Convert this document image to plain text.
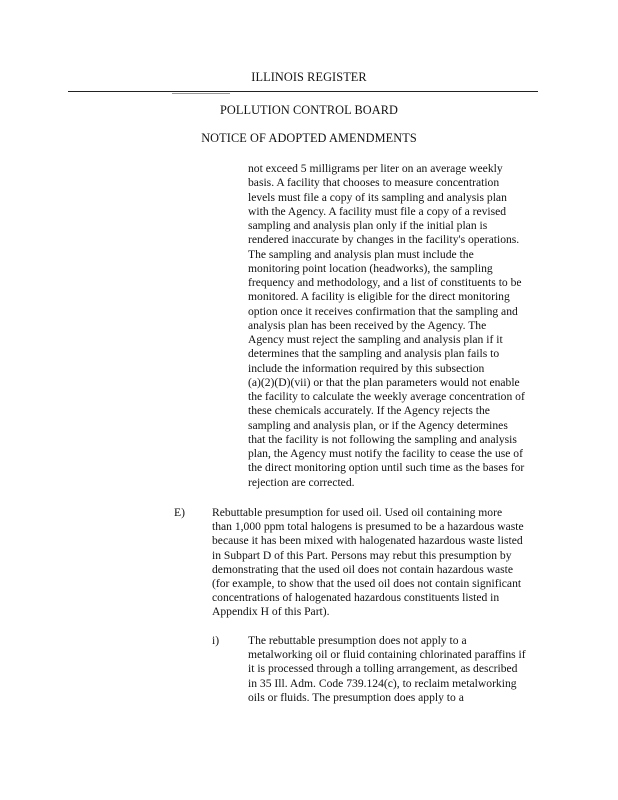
ILLINOIS REGISTER
POLLUTION CONTROL BOARD
NOTICE OF ADOPTED AMENDMENTS
not exceed 5 milligrams per liter on an average weekly
basis. A facility that chooses to measure concentration
levels must file a copy of its sampling and analysis plan
with the Agency. A facility must file a copy of a revised
sampling and analysis plan only if the initial plan is
rendered inaccurate by changes in the facility's operations.
The sampling and analysis plan must include the
monitoring point location (headworks), the sampling
frequency and methodology, and a list of constituents to be
monitored. A facility is eligible for the direct monitoring
option once it receives confirmation that the sampling and
analysis plan has been received by the Agency. The
Agency must reject the sampling and analysis plan if it
determines that the sampling and analysis plan fails to
include the information required by this subsection
(a)(2)(D)(vii) or that the plan parameters would not enable
the facility to calculate the weekly average concentration of
these chemicals accurately. If the Agency rejects the
sampling and analysis plan, or if the Agency determines
that the facility is not following the sampling and analysis
plan, the Agency must notify the facility to cease the use of
the direct monitoring option until such time as the bases for
rejection are corrected.
E) Rebuttable presumption for used oil. Used oil containing more
than 1,000 ppm total halogens is presumed to be a hazardous waste
because it has been mixed with halogenated hazardous waste listed
in Subpart D of this Part. Persons may rebut this presumption by
demonstrating that the used oil does not contain hazardous waste
(for example, to show that the used oil does not contain significant
concentrations of halogenated hazardous constituents listed in
Appendix H of this Part).
i) The rebuttable presumption does not apply to a
metalworking oil or fluid containing chlorinated paraffins if
it is processed through a tolling arrangement, as described
in 35 Ill. Adm. Code 739.124(c), to reclaim metalworking
oils or fluids. The presumption does apply to a
